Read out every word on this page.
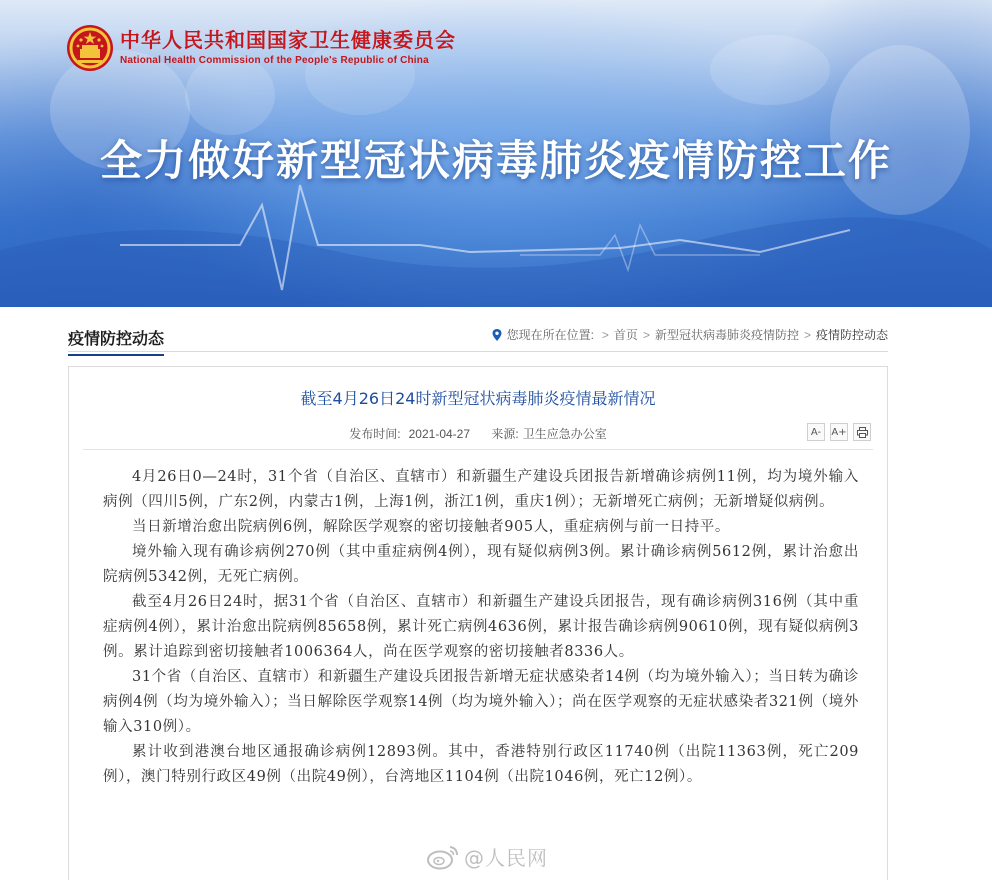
中华人民共和国国家卫生健康委员会
National Health Commission of the People's Republic of China
全力做好新型冠状病毒肺炎疫情防控工作
疫情防控动态	您现在所在位置: > 首页 > 新型冠状病毒肺炎疫情防控 > 疫情防控动态
截至4月26日24时新型冠状病毒肺炎疫情最新情况
发布时间: 2021-04-27 来源: 卫生应急办公室	A-	A+

4月26日0—24时，31个省（自治区、直辖市）和新疆生产建设兵团报告新增确诊病例11例，均为境外输入病例（四川5例，广东2例，内蒙古1例，上海1例，浙江1例，重庆1例）；无新增死亡病例；无新增疑似病例。

当日新增治愈出院病例6例，解除医学观察的密切接触者905人，重症病例与前一日持平。

境外输入现有确诊病例270例（其中重症病例4例），现有疑似病例3例。累计确诊病例5612例，累计治愈出院病例5342例，无死亡病例。

截至4月26日24时，据31个省（自治区、直辖市）和新疆生产建设兵团报告，现有确诊病例316例（其中重症病例4例），累计治愈出院病例85658例，累计死亡病例4636例，累计报告确诊病例90610例，现有疑似病例3例。累计追踪到密切接触者1006364人，尚在医学观察的密切接触者8336人。

31个省（自治区、直辖市）和新疆生产建设兵团报告新增无症状感染者14例（均为境外输入）；当日转为确诊病例4例（均为境外输入）；当日解除医学观察14例（均为境外输入）；尚在医学观察的无症状感染者321例（境外输入310例）。

累计收到港澳台地区通报确诊病例12893例。其中，香港特别行政区11740例（出院11363例，死亡209例），澳门特别行政区49例（出院49例），台湾地区1104例（出院1046例，死亡12例）。

@人民网
